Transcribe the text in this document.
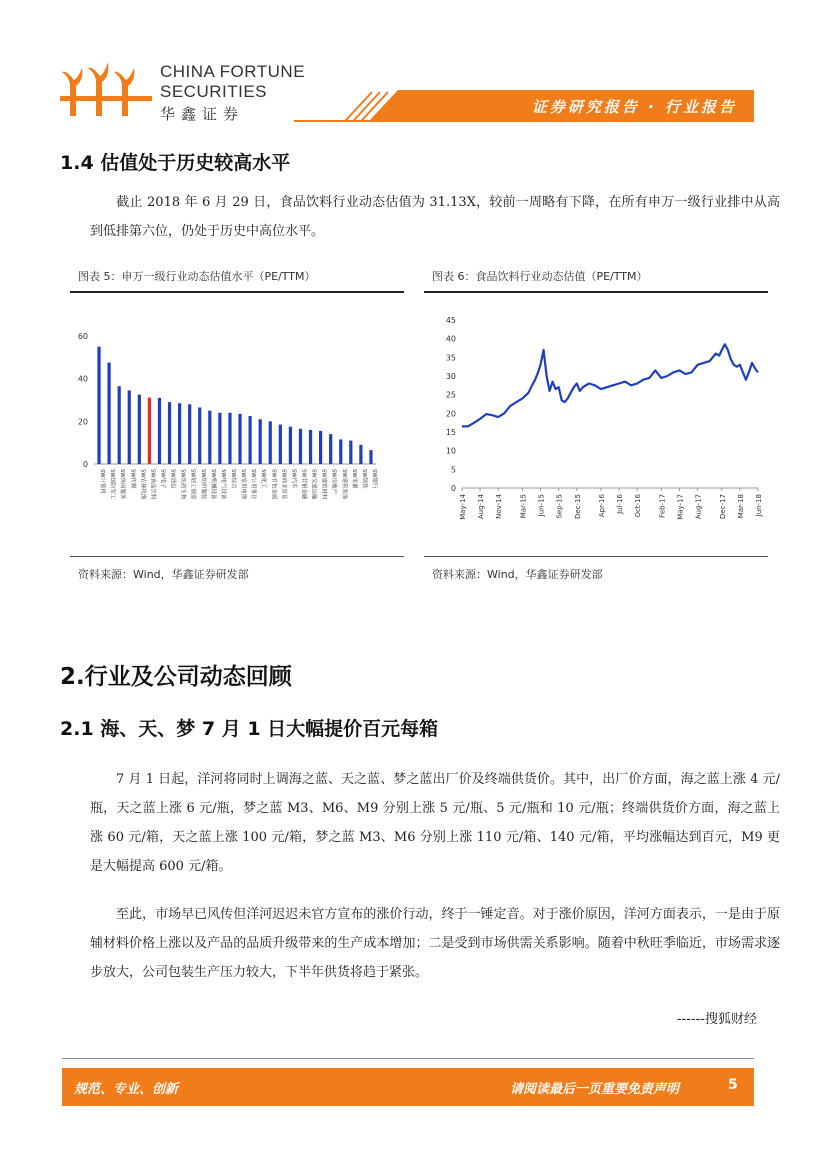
CHINA FORTUNE
SECURITIES
华鑫证券	证券研究报告 · 行业报告
1.4 估值处于历史较高水平
截止 2018 年 6 月 29 日，食品饮料行业动态估值为 31.13X，较前一周略有下降，在所有申万一级行业排中从高到低排第六位，仍处于历史中高位水平。
图表 5：申万一级行业动态估值水平（PE/TTM）
0
20
40
60
SW计算机 SW国防军工 SW休闲服务 SW传媒 SW农林牧渔 SW食品饮料 SW电子 SW通信 SW医药生物 SW轻工制造 SW纺织服装 SW机械设备 SW电气设备 SW综合 SW家用电器 SW公用事业 SW化工 SW有色金属 SW商业贸易 SW汽车 SW非银金融 SW交通运输 SW建筑材料 SW房地产 SW建筑装饰 SW采掘 SW钢铁 SW银行
资料来源：Wind，华鑫证券研发部
图表 6：食品饮料行业动态估值（PE/TTM）
0
5
10
15
20
25
30
35
40
45
May-14 Aug-14 Nov-14 Mar-15 Jun-15 Sep-15 Dec-15 Apr-16 Jul-16 Oct-16 Feb-17 May-17 Aug-17 Dec-17 Mar-18 Jun-18
资料来源：Wind，华鑫证券研发部
2.行业及公司动态回顾
2.1 海、天、梦 7 月 1 日大幅提价百元每箱
7 月 1 日起，洋河将同时上调海之蓝、天之蓝、梦之蓝出厂价及终端供货价。其中，出厂价方面，海之蓝上涨 4 元/瓶，天之蓝上涨 6 元/瓶，梦之蓝 M3、M6、M9 分别上涨 5 元/瓶、5 元/瓶和 10 元/瓶；终端供货价方面，海之蓝上涨 60 元/箱，天之蓝上涨 100 元/箱，梦之蓝 M3、M6 分别上涨 110 元/箱、140 元/箱，平均涨幅达到百元，M9 更是大幅提高 600 元/箱。
至此，市场早已风传但洋河迟迟未官方宣布的涨价行动，终于一锤定音。对于涨价原因，洋河方面表示，一是由于原辅材料价格上涨以及产品的品质升级带来的生产成本增加；二是受到市场供需关系影响。随着中秋旺季临近，市场需求逐步放大，公司包装生产压力较大，下半年供货将趋于紧张。
------搜狐财经
规范、专业、创新	请阅读最后一页重要免责声明	5
